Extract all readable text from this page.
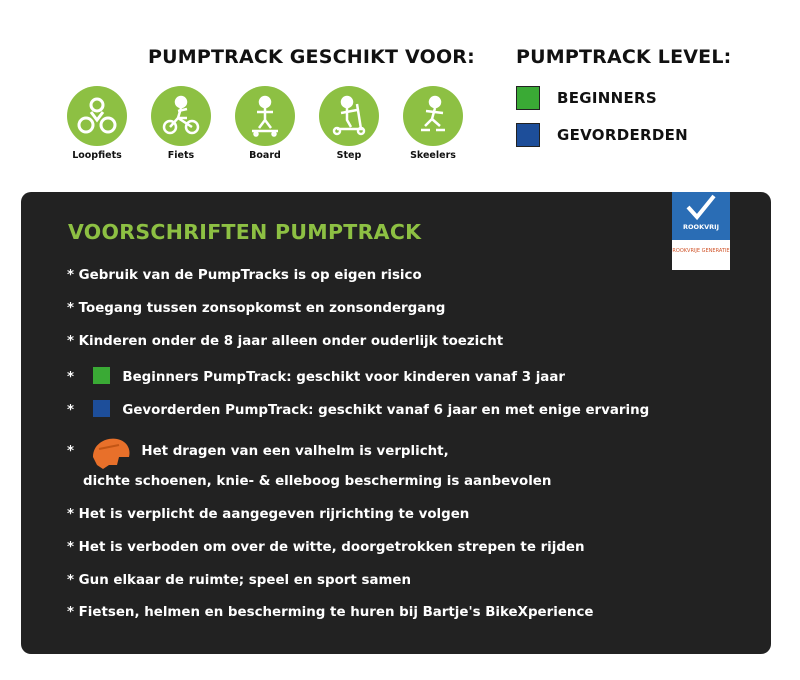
PUMPTRACK GESCHIKT VOOR: PUMPTRACK LEVEL:
Loopfiets	Fiets	Board	Step	Skeelers
BEGINNERS
GEVORDERDEN
VOORSCHRIFTEN PUMPTRACK	ROOKVRIJ
ROOKVRIJE GENERATIE
* Gebruik van de PumpTracks is op eigen risico
* Toegang tussen zonsopkomst en zonsondergang
* Kinderen onder de 8 jaar alleen onder ouderlijk toezicht
*	Beginners PumpTrack: geschikt voor kinderen vanaf 3 jaar
*	Gevorderden PumpTrack: geschikt vanaf 6 jaar en met enige ervaring
*	Het dragen van een valhelm is verplicht,
dichte schoenen, knie- & elleboog bescherming is aanbevolen
* Het is verplicht de aangegeven rijrichting te volgen
* Het is verboden om over de witte, doorgetrokken strepen te rijden
* Gun elkaar de ruimte; speel en sport samen
* Fietsen, helmen en bescherming te huren bij Bartje's BikeXperience
